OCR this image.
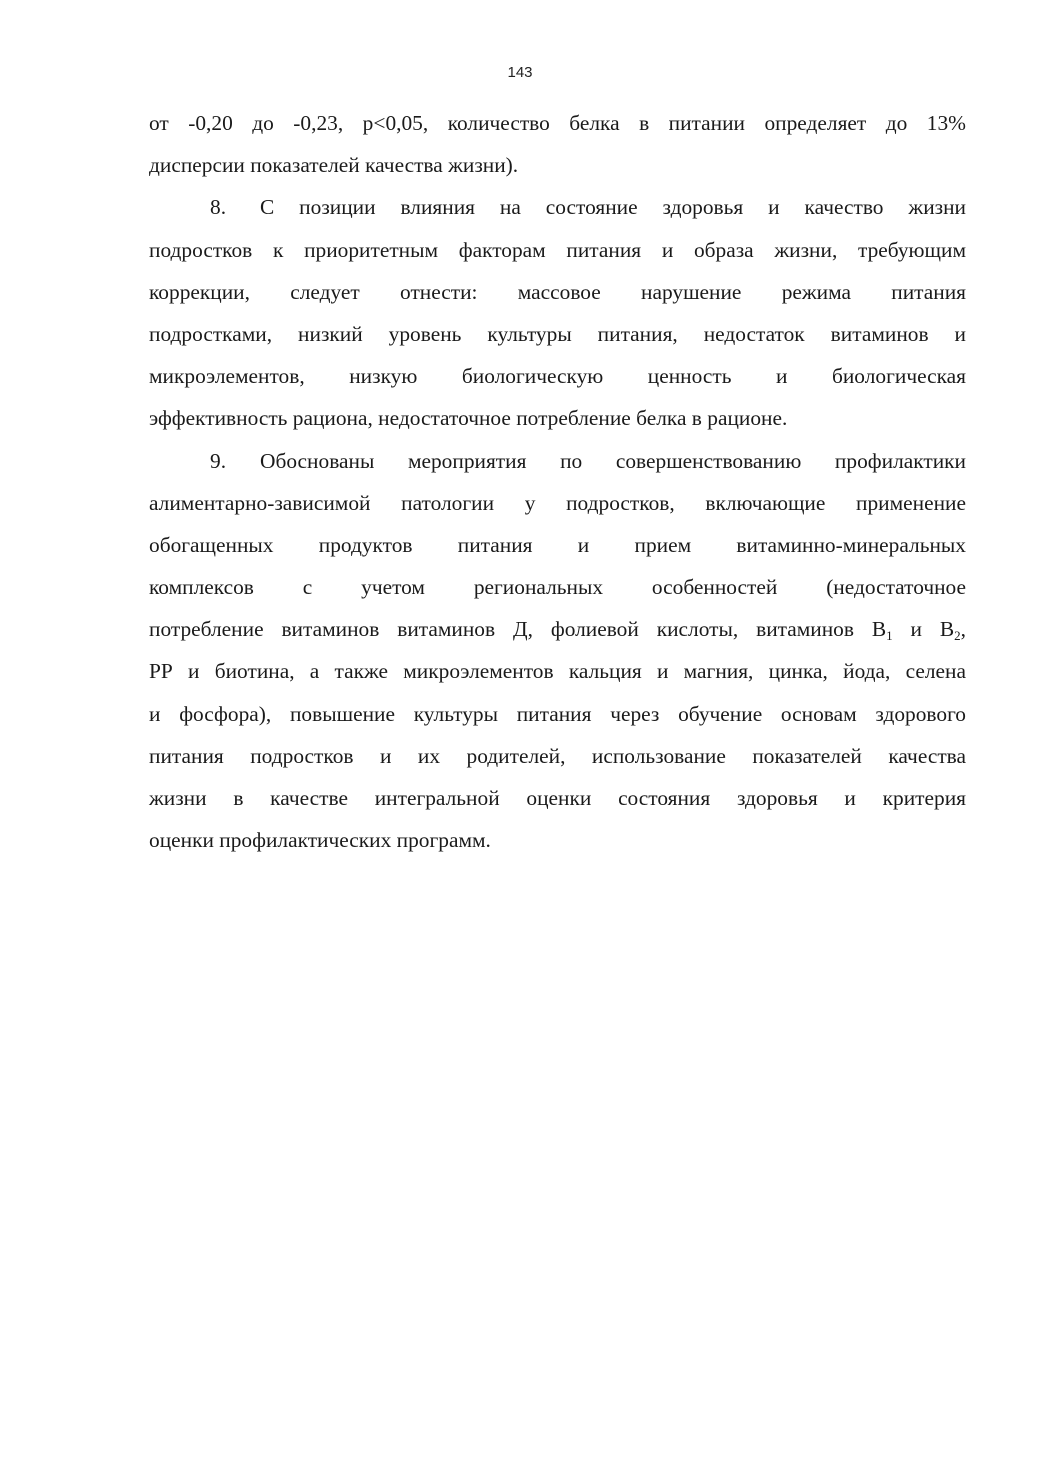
143
от -0,20 до -0,23, p<0,05, количество белка в питании определяет до 13%
дисперсии показателей качества жизни).
8. С позиции влияния на состояние здоровья и качество жизни
подростков к приоритетным факторам питания и образа жизни, требующим
коррекции, следует отнести: массовое нарушение режима питания
подростками, низкий уровень культуры питания, недостаток витаминов и
микроэлементов, низкую биологическую ценность и биологическая
эффективность рациона, недостаточное потребление белка в рационе.
9. Обоснованы мероприятия по совершенствованию профилактики
алиментарно-зависимой патологии у подростков, включающие применение
обогащенных продуктов питания и прием витаминно-минеральных
комплексов с учетом региональных особенностей (недостаточное
потребление витаминов витаминов Д, фолиевой кислоты, витаминов $В_1$ и $В_2$,
РР и биотина, а также микроэлементов кальция и магния, цинка, йода, селена
и фосфора), повышение культуры питания через обучение основам здорового
питания подростков и их родителей, использование показателей качества
жизни в качестве интегральной оценки состояния здоровья и критерия
оценки профилактических программ.
